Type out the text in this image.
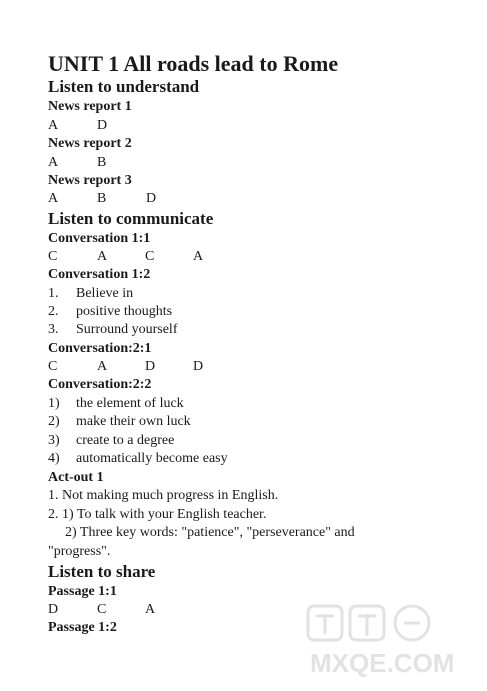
UNIT 1 All roads lead to Rome
Listen to understand
News report 1
A	D
News report 2
A	B
News report 3
A	B	D
Listen to communicate
Conversation 1:1
C	A	C	A
Conversation 1:2
1. Believe in
2. positive thoughts
3. Surround yourself
Conversation:2:1
C	A	D	D
Conversation:2:2
1) the element of luck
2) make their own luck
3) create to a degree
4) automatically become easy
Act-out 1
1. Not making much progress in English.
2. 1) To talk with your English teacher.
2) Three key words: "patience", "perseverance" and
"progress".
Listen to share
Passage 1:1
D	C	A
Passage 1:2
MXQE.COM
